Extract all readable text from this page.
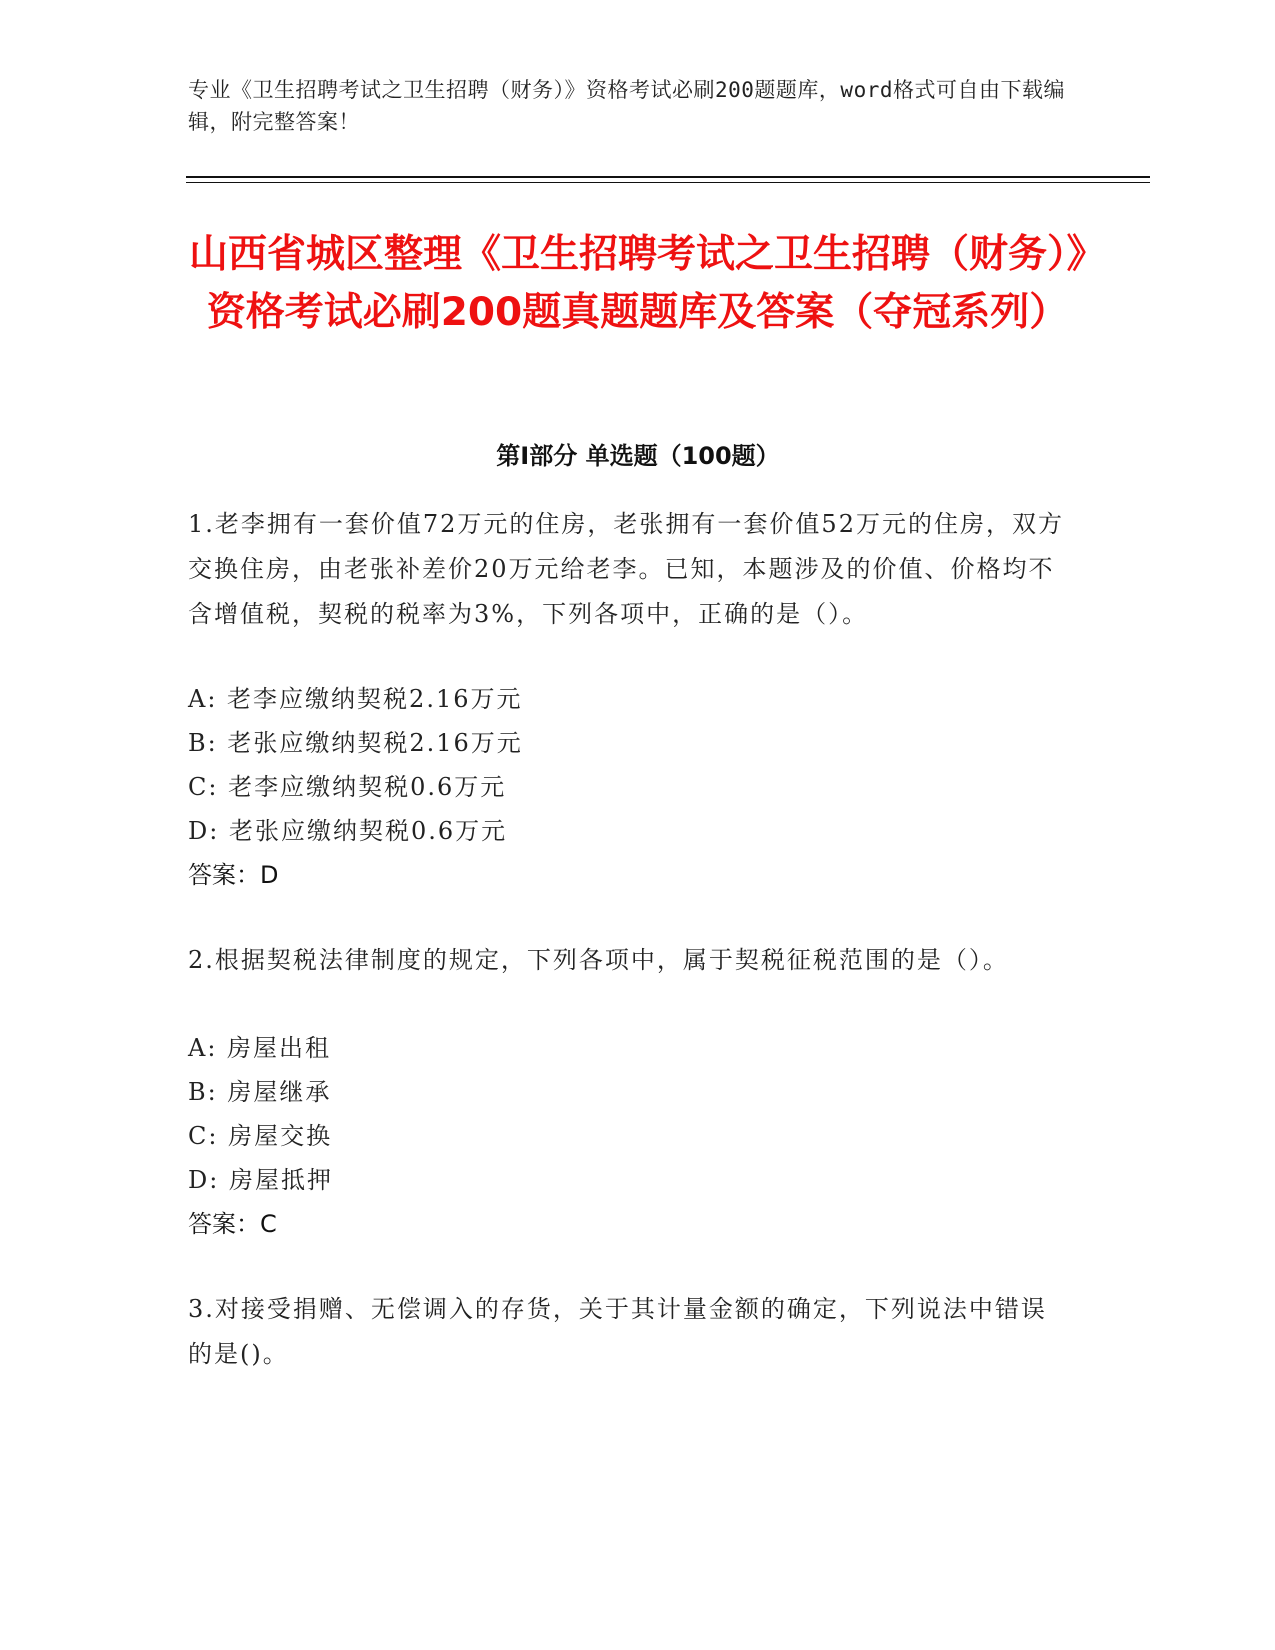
专业《卫生招聘考试之卫生招聘（财务）》资格考试必刷200题题库，word格式可自由下载编辑，附完整答案！
山西省城区整理《卫生招聘考试之卫生招聘（财务）》资格考试必刷200题真题题库及答案（夺冠系列）
第Ⅰ部分 单选题（100题）
1.老李拥有一套价值72万元的住房，老张拥有一套价值52万元的住房，双方交换住房，由老张补差价20万元给老李。已知，本题涉及的价值、价格均不含增值税，契税的税率为3%，下列各项中，正确的是（）。
A: 老李应缴纳契税2.16万元
B: 老张应缴纳契税2.16万元
C: 老李应缴纳契税0.6万元
D: 老张应缴纳契税0.6万元
答案：D
2.根据契税法律制度的规定，下列各项中，属于契税征税范围的是（）。
A: 房屋出租
B: 房屋继承
C: 房屋交换
D: 房屋抵押
答案：C
3.对接受捐赠、无偿调入的存货，关于其计量金额的确定，下列说法中错误的是()。
